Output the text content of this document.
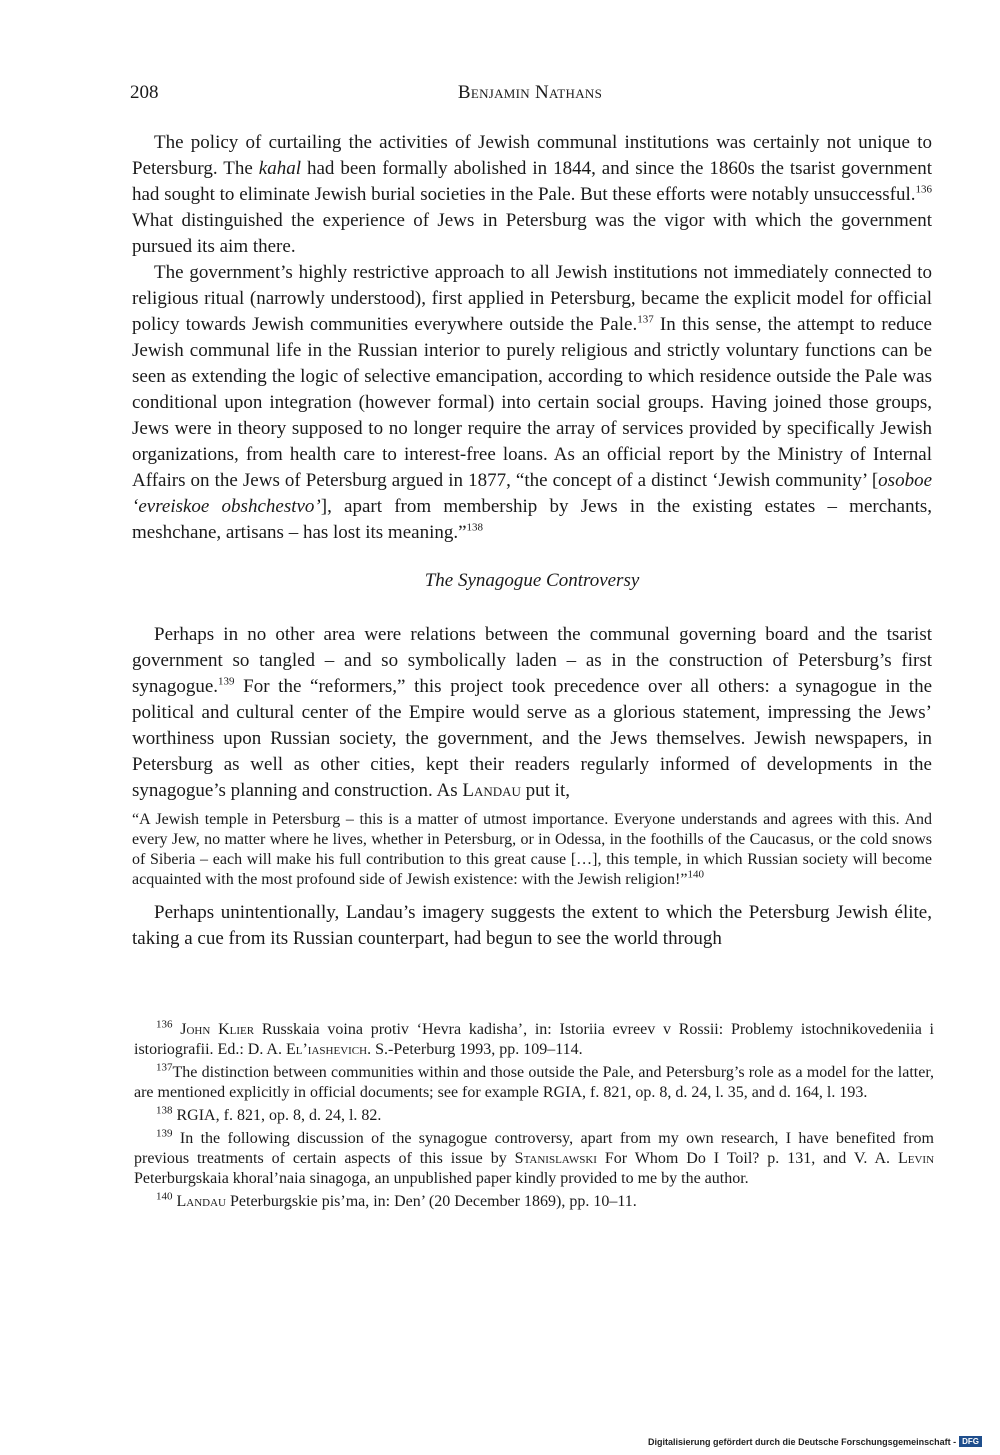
208	Benjamin Nathans

The policy of curtailing the activities of Jewish communal institutions was certainly not unique to Petersburg. The kahal had been formally abolished in 1844, and since the 1860s the tsarist government had sought to eliminate Jewish burial societies in the Pale. But these efforts were notably unsuccessful.$^{136}$ What distinguished the experience of Jews in Petersburg was the vigor with which the government pursued its aim there.

The government’s highly restrictive approach to all Jewish institutions not immediately connected to religious ritual (narrowly understood), first applied in Petersburg, became the explicit model for official policy towards Jewish communities everywhere outside the Pale.$^{137}$ In this sense, the attempt to reduce Jewish communal life in the Russian interior to purely religious and strictly voluntary functions can be seen as extending the logic of selective emancipation, according to which residence outside the Pale was conditional upon integration (however formal) into certain social groups. Having joined those groups, Jews were in theory supposed to no longer require the array of services provided by specifically Jewish organizations, from health care to interest-free loans. As an official report by the Ministry of Internal Affairs on the Jews of Petersburg argued in 1877, “the concept of a distinct ‘Jewish community’ [osoboe ‘evreiskoe obshchestvo’], apart from membership by Jews in the existing estates – merchants, meshchane, artisans – has lost its meaning.”$^{138}$

The Synagogue Controversy

Perhaps in no other area were relations between the communal governing board and the tsarist government so tangled – and so symbolically laden – as in the construction of Petersburg’s first synagogue.$^{139}$ For the “reformers,” this project took precedence over all others: a synagogue in the political and cultural center of the Empire would serve as a glorious statement, impressing the Jews’ worthiness upon Russian society, the government, and the Jews themselves. Jewish newspapers, in Petersburg as well as other cities, kept their readers regularly informed of developments in the synagogue’s planning and construction. As Landau put it,

“A Jewish temple in Petersburg – this is a matter of utmost importance. Everyone understands and agrees with this. And every Jew, no matter where he lives, whether in Petersburg, or in Odessa, in the foothills of the Caucasus, or the cold snows of Siberia – each will make his full contribution to this great cause […], this temple, in which Russian society will become acquainted with the most profound side of Jewish existence: with the Jewish religion!”$^{140}$

Perhaps unintentionally, Landau’s imagery suggests the extent to which the Petersburg Jewish élite, taking a cue from its Russian counterpart, had begun to see the world through

$^{136}$ John Klier Russkaia voina protiv ‘Hevra kadisha’, in: Istoriia evreev v Rossii: Problemy istochnikovedeniia i istoriografii. Ed.: D. A. El’iashevich. S.-Peterburg 1993, pp. 109–114.

$^{137}$The distinction between communities within and those outside the Pale, and Petersburg’s role as a model for the latter, are mentioned explicitly in official documents; see for example RGIA, f. 821, op. 8, d. 24, l. 35, and d. 164, l. 193.

$^{138}$ RGIA, f. 821, op. 8, d. 24, l. 82.

$^{139}$ In the following discussion of the synagogue controversy, apart from my own research, I have benefited from previous treatments of certain aspects of this issue by Stanislawski For Whom Do I Toil? p. 131, and V. A. Levin Peterburgskaia khoral’naia sinagoga, an unpublished paper kindly provided to me by the author.

$^{140}$ Landau Peterburgskie pis’ma, in: Den’ (20 December 1869), pp. 10–11.

Digitalisierung gefördert durch die Deutsche Forschungsgemeinschaft - DFG
